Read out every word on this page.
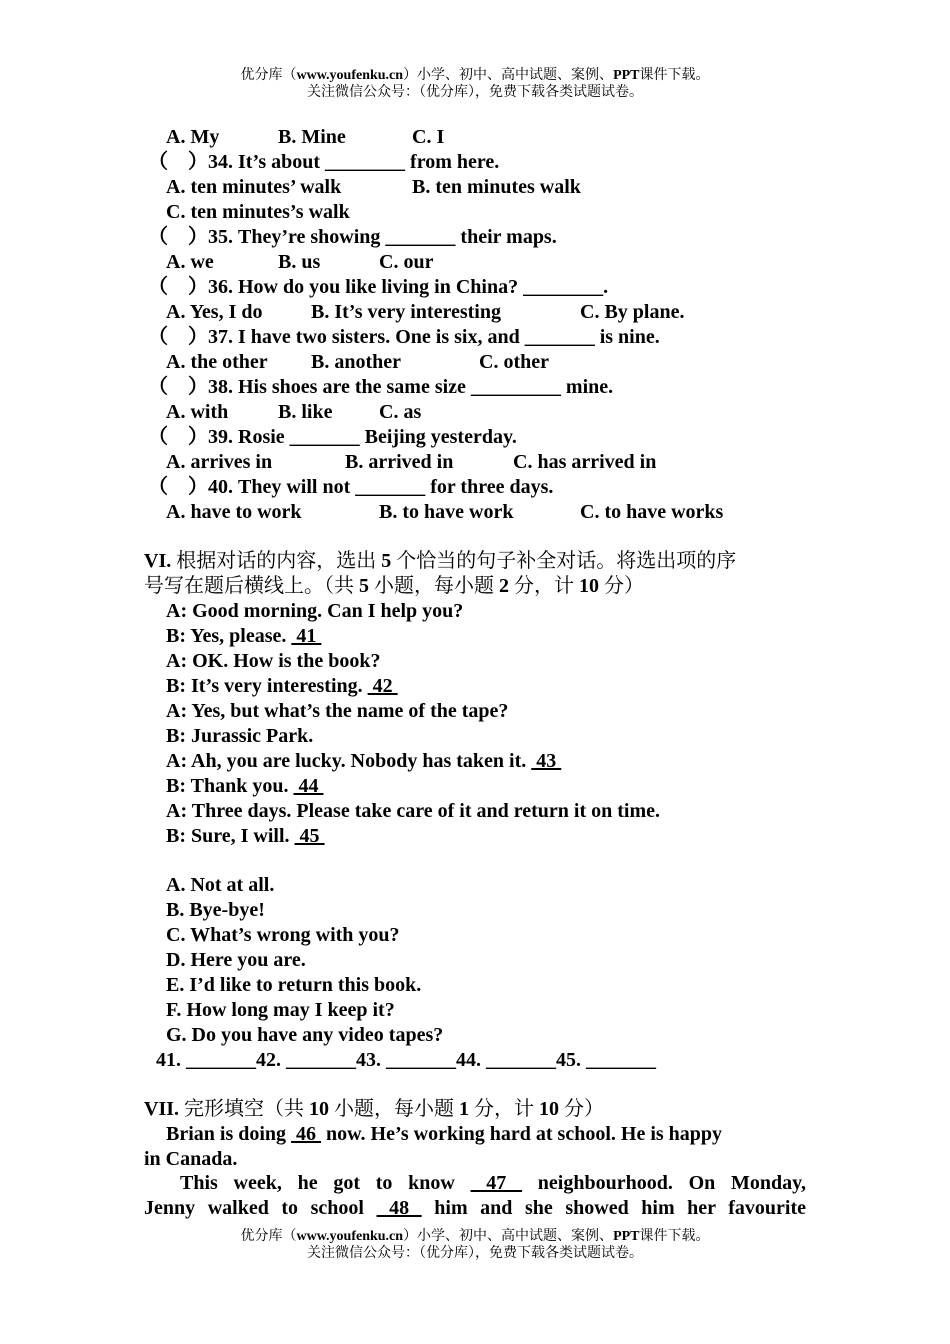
优分库（www.youfenku.cn）小学、初中、高中试题、案例、PPT课件下载。
关注微信公众号：（优分库），免费下载各类试题试卷。
A. My	B. Mine	C. I
（　）34. It’s about ________ from here.
A. ten minutes’ walk	B. ten minutes walk
C. ten minutes’s walk
（　）35. They’re showing _______ their maps.
A. we	B. us	C. our
（　）36. How do you like living in China? ________.
A. Yes, I do B. It’s very interesting	C. By plane.
（　）37. I have two sisters. One is six, and _______ is nine.
A. the other B. another	C. other
（　）38. His shoes are the same size _________ mine.
A. with B. like C. as
（　）39. Rosie _______ Beijing yesterday.
A. arrives in	B. arrived in	C. has arrived in
（　）40. They will not _______ for three days.
A. have to work	B. to have work	C. to have works
VI. 根据对话的内容，选出 5 个恰当的句子补全对话。将选出项的序
号写在题后横线上。（共 5 小题，每小题 2 分，计 10 分）
A: Good morning. Can I help you?
B: Yes, please.  41
A: OK. How is the book?
B: It’s very interesting.  42
A: Yes, but what’s the name of the tape?
B: Jurassic Park.
A: Ah, you are lucky. Nobody has taken it.  43
B: Thank you.  44
A: Three days. Please take care of it and return it on time.
B: Sure, I will.  45
A. Not at all.
B. Bye-bye!
C. What’s wrong with you?
D. Here you are.
E. I’d like to return this book.
F. How long may I keep it?
G. Do you have any video tapes?
41. _______42. _______43. _______44. _______45. _______
VII. 完形填空（共 10 小题，每小题 1 分，计 10 分）
Brian is doing  46  now. He’s working hard at school. He is happy
in Canada.
This week, he got to know  47  neighbourhood. On Monday,
Jenny walked to school  48  him and she showed him her favourite
优分库（www.youfenku.cn）小学、初中、高中试题、案例、PPT课件下载。
关注微信公众号：（优分库），免费下载各类试题试卷。
